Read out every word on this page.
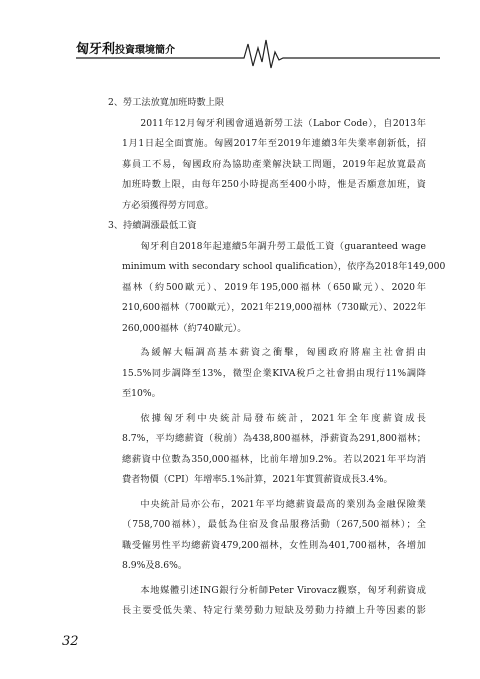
匈牙利投資環境簡介
2、勞工法放寬加班時數上限
2011年12月匈牙利國會通過新勞工法（Labor Code），自2013年
1月1日起全面實施。匈國2017年至2019年連續3年失業率創新低，招
募員工不易，匈國政府為協助產業解決缺工問題，2019年起放寬最高
加班時數上限，由每年250小時提高至400小時，惟是否願意加班，資
方必須獲得勞方同意。
3、持續調漲最低工資
匈牙利自2018年起連續5年調升勞工最低工資（guaranteed wage
minimum with secondary school qualification），依序為2018年149,000
福林（約500歐元）、2019年195,000福林（650歐元）、2020年
210,600福林（700歐元），2021年219,000福林（730歐元）、2022年
260,000福林（約740歐元）。
為緩解大幅調高基本薪資之衝擊，匈國政府將雇主社會捐由
15.5%同步調降至13%，微型企業KIVA稅戶之社會捐由現行11%調降
至10%。
依據匈牙利中央統計局發布統計，2021年全年度薪資成長
8.7%，平均總薪資（稅前）為438,800福林，淨薪資為291,800福林；
總薪資中位數為350,000福林，比前年增加9.2%。若以2021年平均消
費者物價（CPI）年增率5.1%計算，2021年實質薪資成長3.4%。
中央統計局亦公布，2021年平均總薪資最高的業別為金融保險業
（758,700福林），最低為住宿及食品服務活動（267,500福林）；全
職受僱男性平均總薪資479,200福林，女性則為401,700福林，各增加
8.9%及8.6%。
本地媒體引述ING銀行分析師Peter Virovacz觀察，匈牙利薪資成
長主要受低失業、特定行業勞動力短缺及勞動力持續上升等因素的影
32
